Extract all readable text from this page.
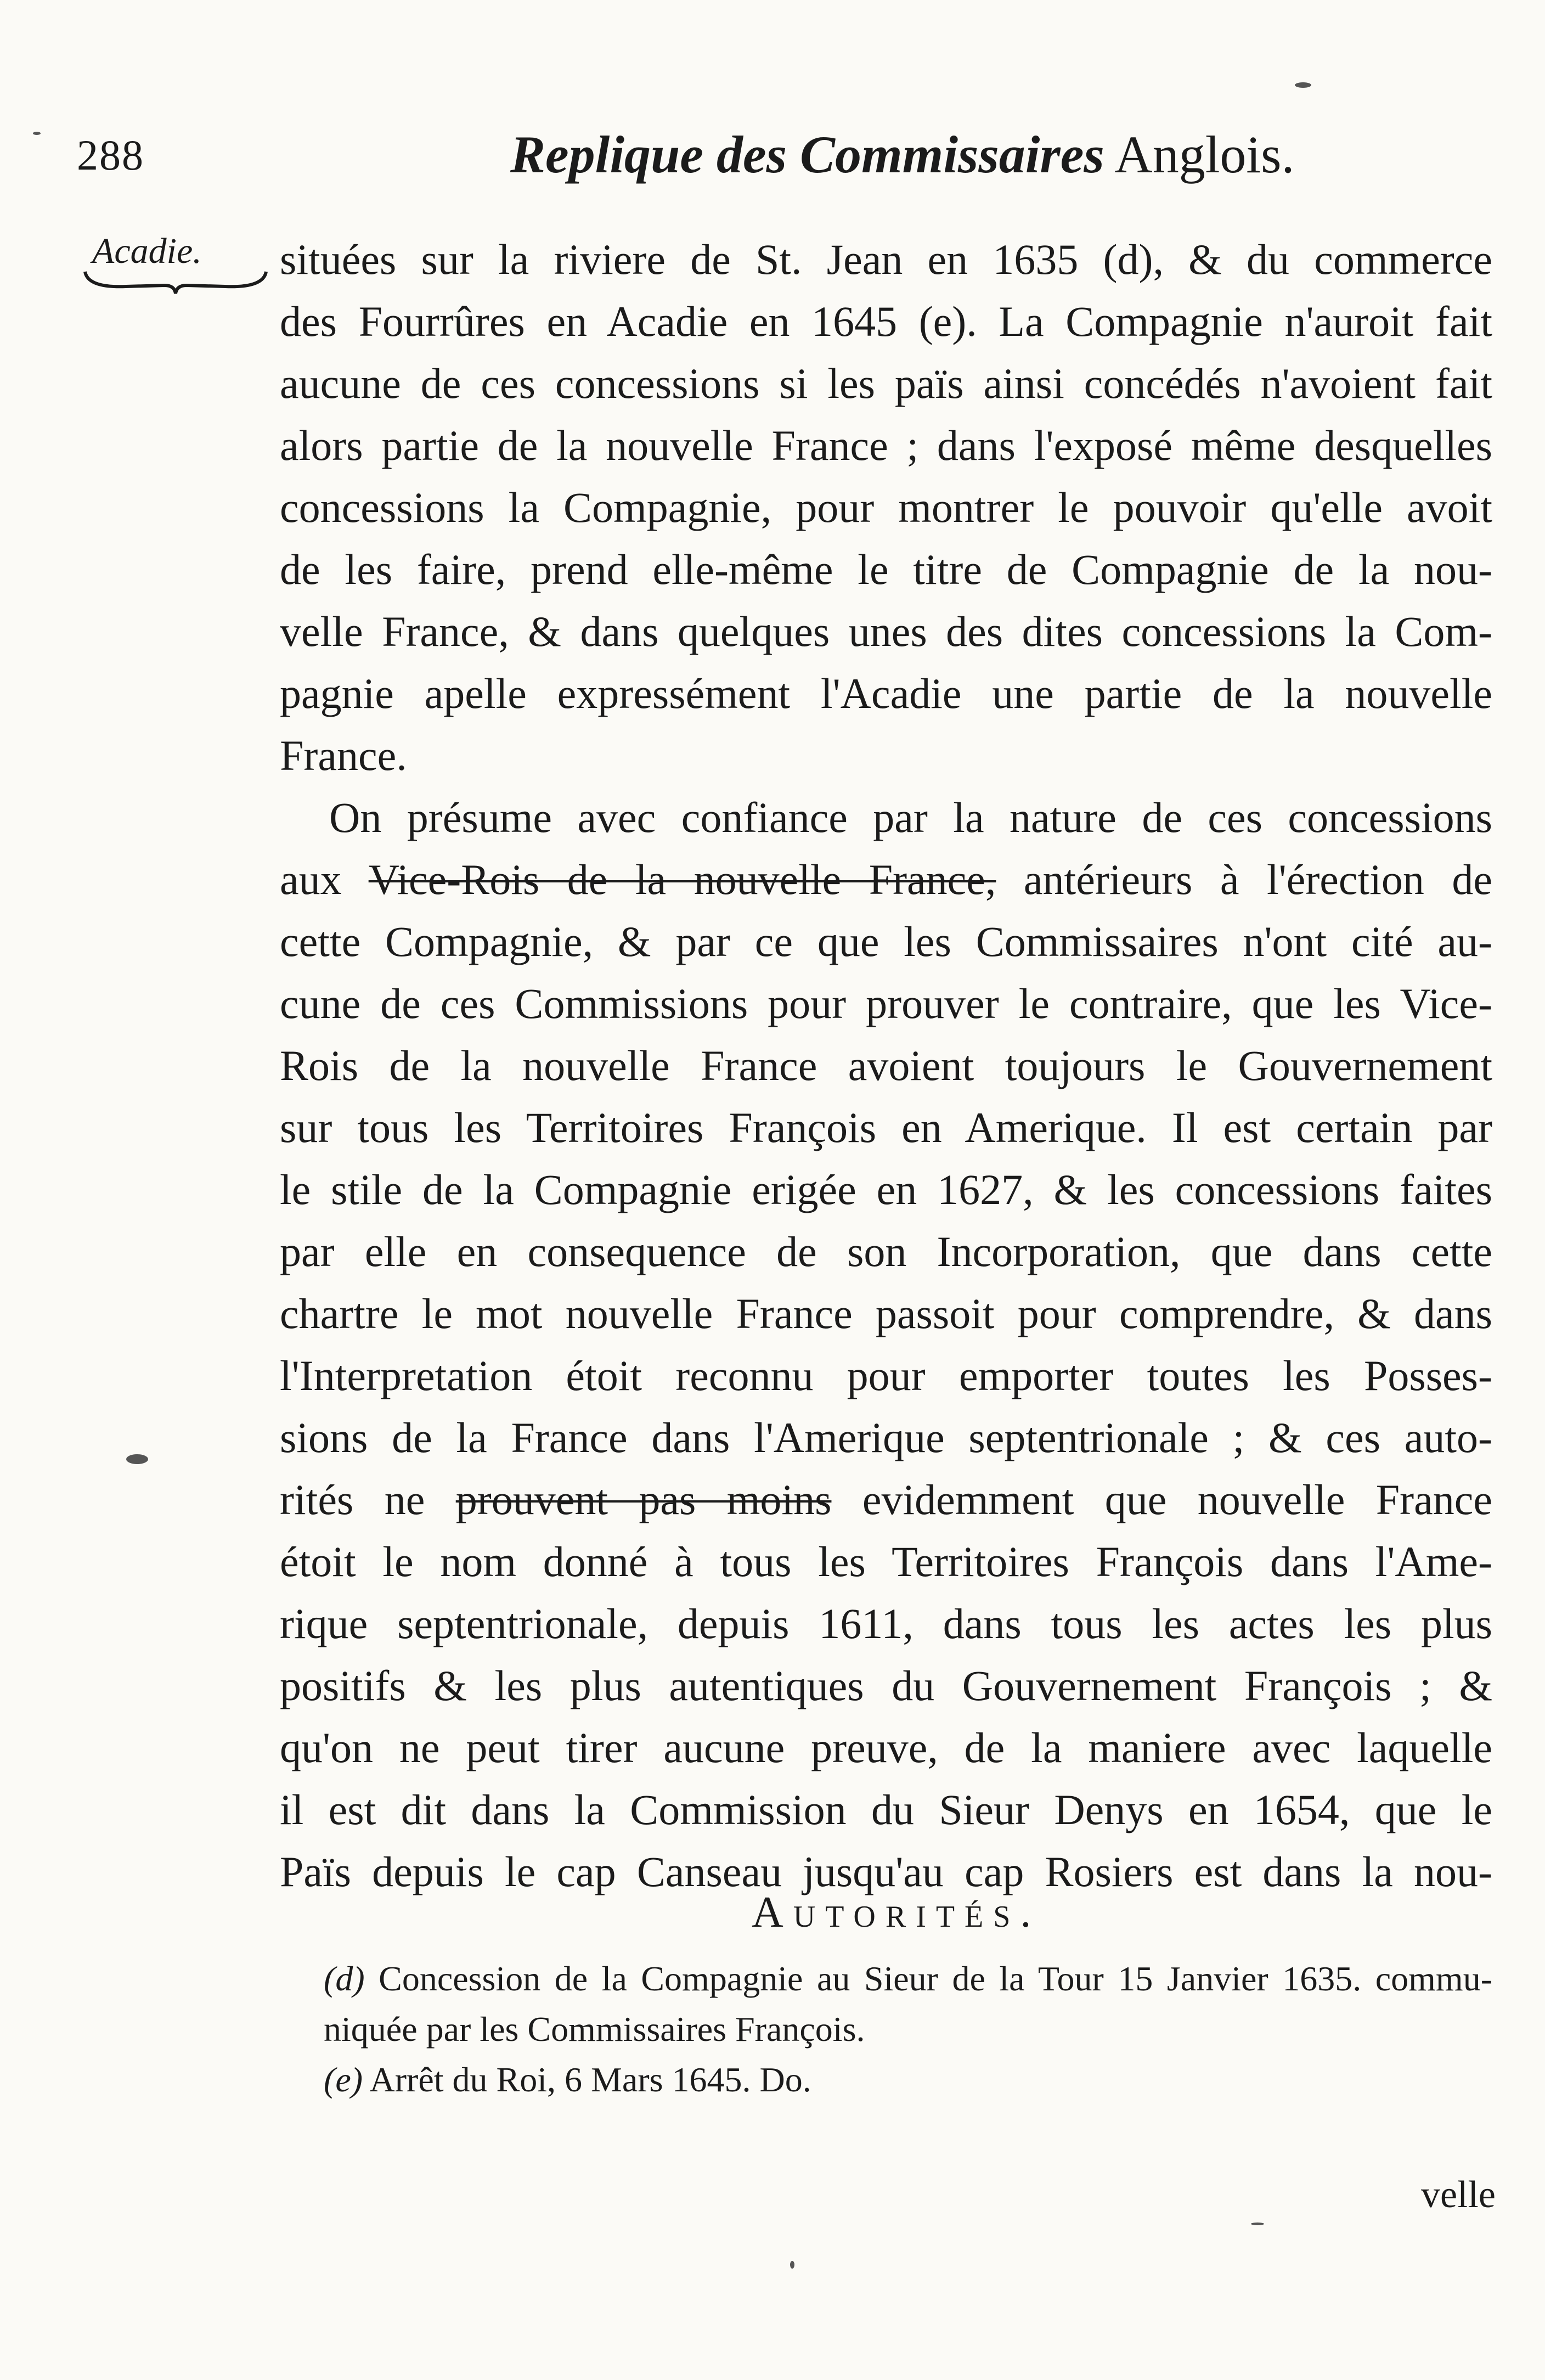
288	Replique des Commissaires Anglois.
Acadie. situées sur la riviere de St. Jean en 1635 (d), & du commerce
des Fourrûres en Acadie en 1645 (e). La Compagnie n'auroit fait
aucune de ces concessions si les païs ainsi concédés n'avoient fait
alors partie de la nouvelle France ; dans l'exposé même desquelles
concessions la Compagnie, pour montrer le pouvoir qu'elle avoit
de les faire, prend elle-même le titre de Compagnie de la nou-
velle France, & dans quelques unes des dites concessions la Com-
pagnie apelle expressément l'Acadie une partie de la nouvelle
France.
On présume avec confiance par la nature de ces concessions
aux Vice-Rois de la nouvelle France, antérieurs à l'érection de
cette Compagnie, & par ce que les Commissaires n'ont cité au-
cune de ces Commissions pour prouver le contraire, que les Vice-
Rois de la nouvelle France avoient toujours le Gouvernement
sur tous les Territoires François en Amerique. Il est certain par
le stile de la Compagnie erigée en 1627, & les concessions faites
par elle en consequence de son Incorporation, que dans cette
chartre le mot nouvelle France passoit pour comprendre, & dans
l'Interpretation étoit reconnu pour emporter toutes les Posses-
sions de la France dans l'Amerique septentrionale ; & ces auto-
rités ne prouvent pas moins evidemment que nouvelle France
étoit le nom donné à tous les Territoires François dans l'Ame-
rique septentrionale, depuis 1611, dans tous les actes les plus
positifs & les plus autentiques du Gouvernement François ; &
qu'on ne peut tirer aucune preuve, de la maniere avec laquelle
il est dit dans la Commission du Sieur Denys en 1654, que le
Païs depuis le cap Canseau jusqu'au cap Rosiers est dans la nou-
Autorités.
(d) Concession de la Compagnie au Sieur de la Tour 15 Janvier 1635. commu-
niquée par les Commissaires François.
(e) Arrêt du Roi, 6 Mars 1645. Do.
velle
